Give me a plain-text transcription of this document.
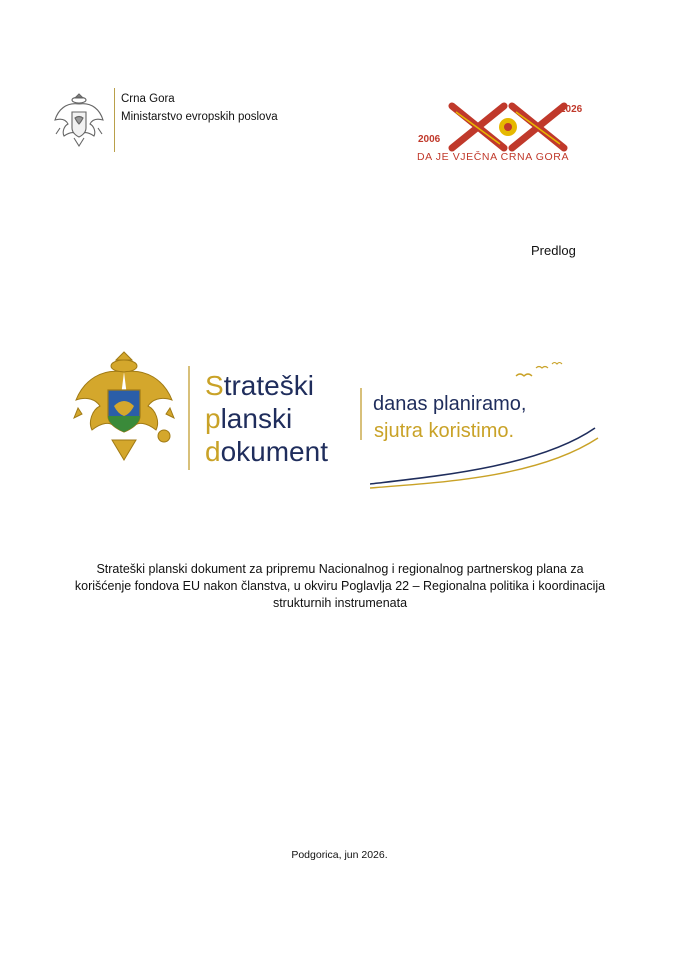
Crna Gora
Ministarstvo evropskih poslova
2006
2026
DA JE VJEČNA CRNA GORA
Predlog
Strateški
planski
dokument
danas planiramo,
sjutra koristimo.
Strateški planski dokument za pripremu Nacionalnog i regionalnog partnerskog plana za
korišćenje fondova EU nakon članstva, u okviru Poglavlja 22 – Regionalna politika i koordinacija
strukturnih instrumenata
Podgorica, jun 2026.
